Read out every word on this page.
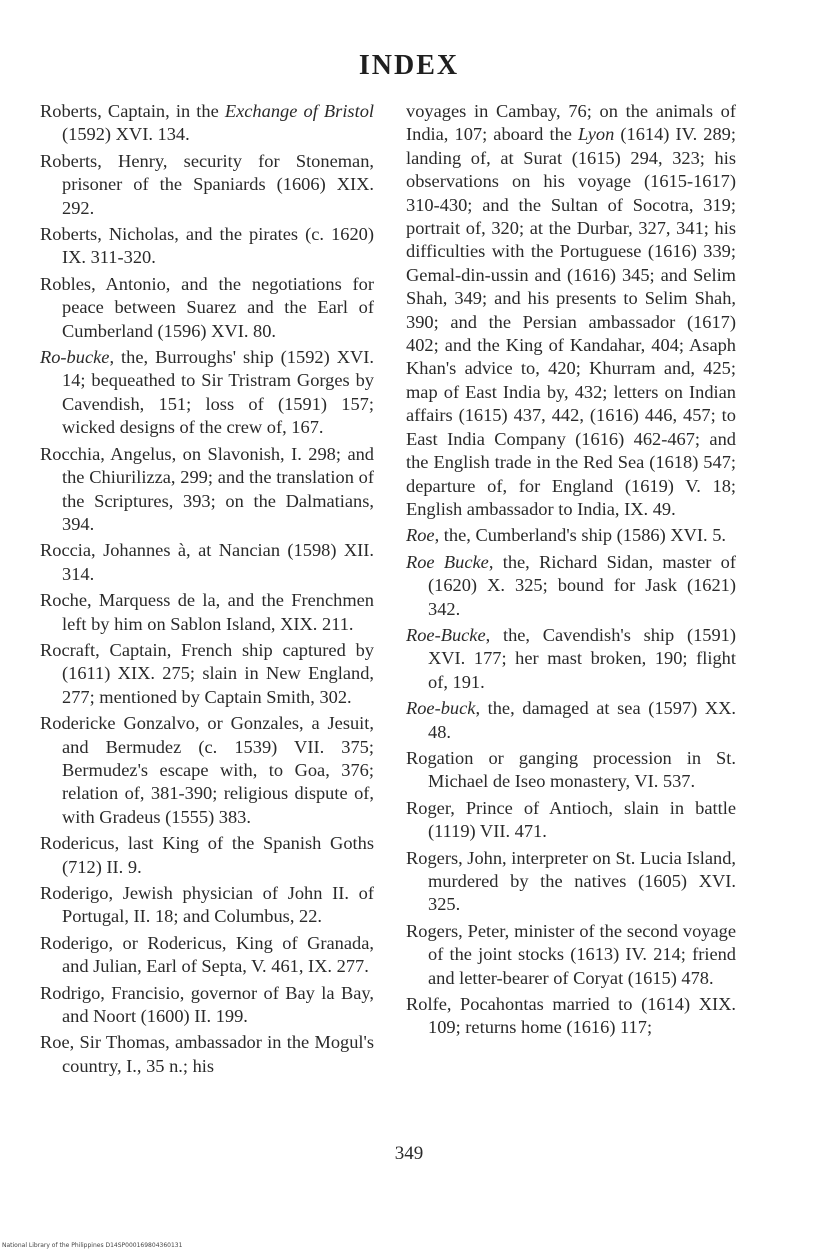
INDEX
Roberts, Captain, in the Exchange of Bristol (1592) XVI. 134.
Roberts, Henry, security for Stoneman, prisoner of the Spaniards (1606) XIX. 292.
Roberts, Nicholas, and the pirates (c. 1620) IX. 311-320.
Robles, Antonio, and the negotiations for peace between Suarez and the Earl of Cumberland (1596) XVI. 80.
Ro-bucke, the, Burroughs' ship (1592) XVI. 14; bequeathed to Sir Tristram Gorges by Cavendish, 151; loss of (1591) 157; wicked designs of the crew of, 167.
Rocchia, Angelus, on Slavonish, I. 298; and the Chiurilizza, 299; and the translation of the Scriptures, 393; on the Dalmatians, 394.
Roccia, Johannes à, at Nancian (1598) XII. 314.
Roche, Marquess de la, and the Frenchmen left by him on Sablon Island, XIX. 211.
Rocraft, Captain, French ship captured by (1611) XIX. 275; slain in New England, 277; mentioned by Captain Smith, 302.
Rodericke Gonzalvo, or Gonzales, a Jesuit, and Bermudez (c. 1539) VII. 375; Bermudez's escape with, to Goa, 376; relation of, 381-390; religious dispute of, with Gradeus (1555) 383.
Rodericus, last King of the Spanish Goths (712) II. 9.
Roderigo, Jewish physician of John II. of Portugal, II. 18; and Columbus, 22.
Roderigo, or Rodericus, King of Granada, and Julian, Earl of Septa, V. 461, IX. 277.
Rodrigo, Francisio, governor of Bay la Bay, and Noort (1600) II. 199.
Roe, Sir Thomas, ambassador in the Mogul's country, I., 35 n.; his
voyages in Cambay, 76; on the animals of India, 107; aboard the Lyon (1614) IV. 289; landing of, at Surat (1615) 294, 323; his observations on his voyage (1615-1617) 310-430; and the Sultan of Socotra, 319; portrait of, 320; at the Durbar, 327, 341; his difficulties with the Portuguese (1616) 339; Gemal-din-ussin and (1616) 345; and Selim Shah, 349; and his presents to Selim Shah, 390; and the Persian ambassador (1617) 402; and the King of Kandahar, 404; Asaph Khan's advice to, 420; Khurram and, 425; map of East India by, 432; letters on Indian affairs (1615) 437, 442, (1616) 446, 457; to East India Company (1616) 462-467; and the English trade in the Red Sea (1618) 547; departure of, for England (1619) V. 18; English ambassador to India, IX. 49.
Roe, the, Cumberland's ship (1586) XVI. 5.
Roe Bucke, the, Richard Sidan, master of (1620) X. 325; bound for Jask (1621) 342.
Roe-Bucke, the, Cavendish's ship (1591) XVI. 177; her mast broken, 190; flight of, 191.
Roe-buck, the, damaged at sea (1597) XX. 48.
Rogation or ganging procession in St. Michael de Iseo monastery, VI. 537.
Roger, Prince of Antioch, slain in battle (1119) VII. 471.
Rogers, John, interpreter on St. Lucia Island, murdered by the natives (1605) XVI. 325.
Rogers, Peter, minister of the second voyage of the joint stocks (1613) IV. 214; friend and letter-bearer of Coryat (1615) 478.
Rolfe, Pocahontas married to (1614) XIX. 109; returns home (1616) 117;
349
National Library of the Philippines D14SP000169804360131
